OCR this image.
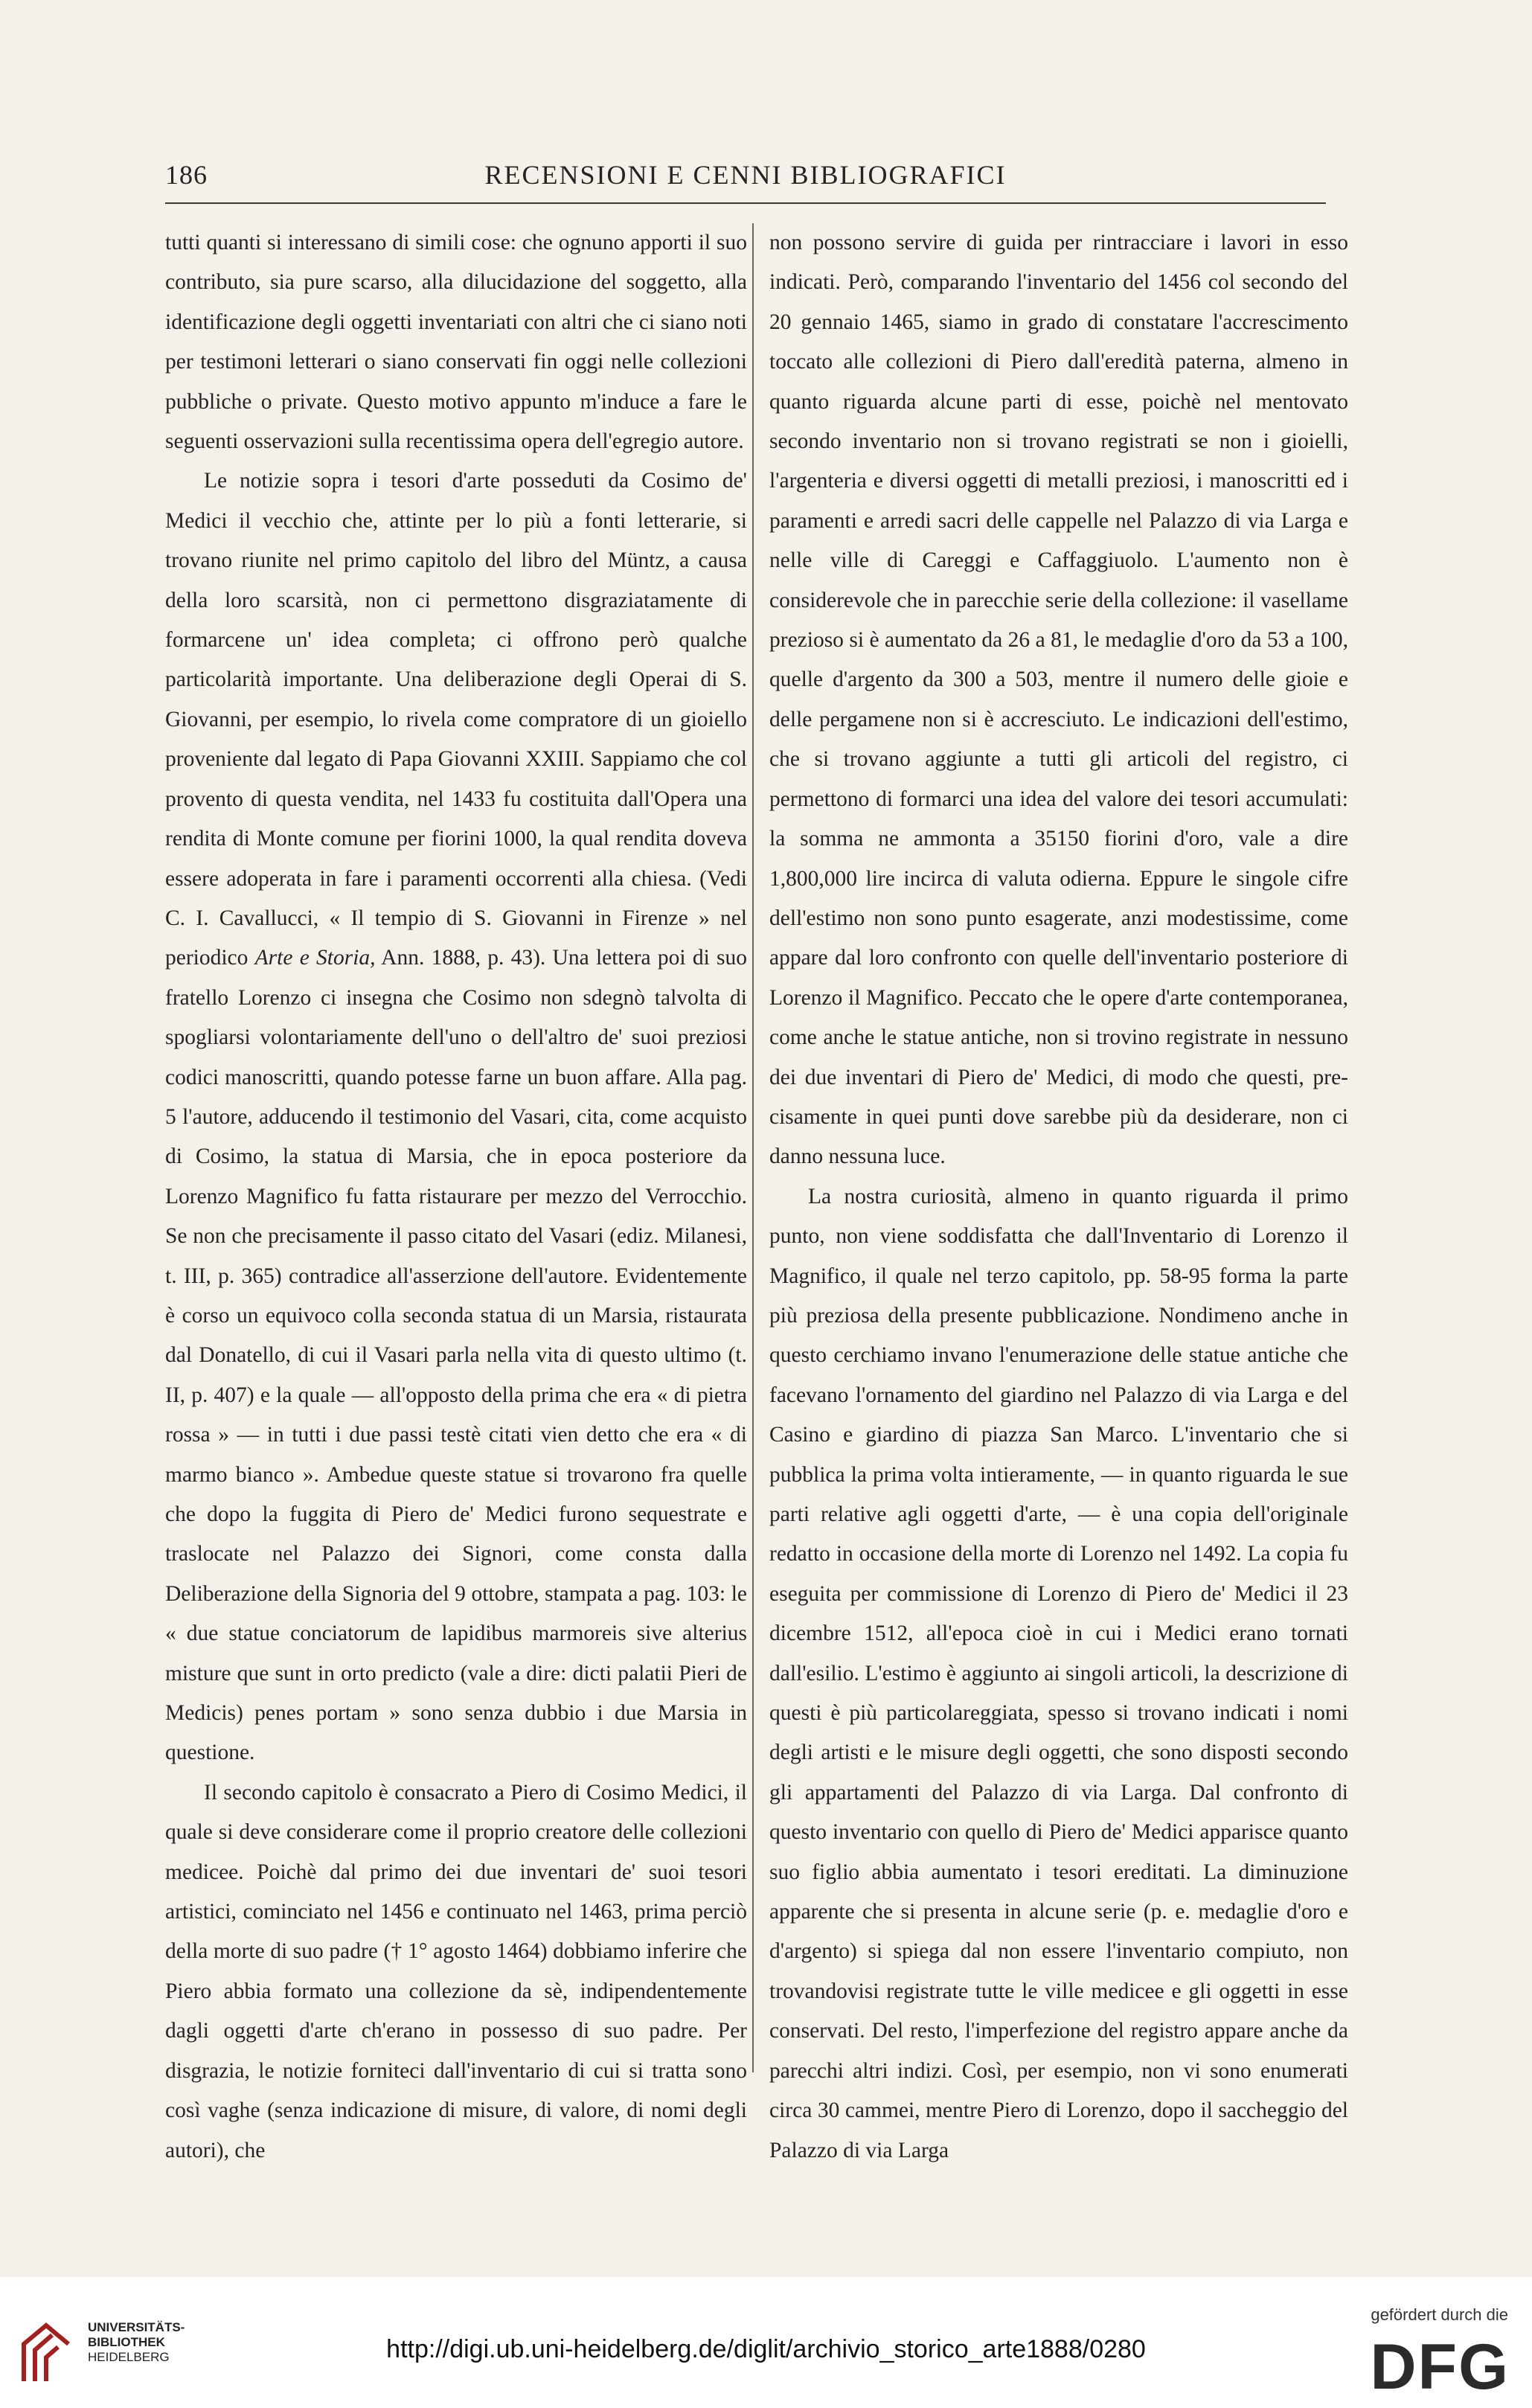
186	RECENSIONI E CENNI BIBLIOGRAFICI

tutti quanti si interessano di simili cose: che ognuno apporti il suo contributo, sia pure scarso, alla dilucidazione del soggetto, alla identificazione degli oggetti inventariati con altri che ci siano noti per testimoni letterari o siano conservati fin oggi nelle collezioni pubbliche o private. Questo motivo appunto m'induce a fare le seguenti osservazioni sulla recentissima opera dell'egregio autore.

Le notizie sopra i tesori d'arte posseduti da Cosimo de' Medici il vecchio che, attinte per lo più a fonti letterarie, si trovano riunite nel primo capitolo del libro del Müntz, a causa della loro scarsità, non ci permettono disgraziatamente di formarcene un' idea completa; ci offrono però qualche particolarità importante. Una deliberazione degli Operai di S. Giovanni, per esempio, lo rivela come compratore di un gioiello proveniente dal legato di Papa Giovanni XXIII. Sappiamo che col provento di questa vendita, nel 1433 fu costituita dall'Opera una rendita di Monte comune per fiorini 1000, la qual rendita doveva essere adoperata in fare i paramenti occorrenti alla chiesa. (Vedi C. I. Cavallucci, « Il tempio di S. Giovanni in Firenze » nel periodico Arte e Storia, Ann. 1888, p. 43). Una lettera poi di suo fratello Lorenzo ci insegna che Cosimo non sdegnò talvolta di spogliarsi volontariamente dell'uno o dell'altro de' suoi preziosi codici manoscritti, quando potesse farne un buon affare. Alla pag. 5 l'autore, adducendo il testimonio del Vasari, cita, come acquisto di Cosimo, la statua di Marsia, che in epoca posteriore da Lorenzo Magnifico fu fatta ristaurare per mezzo del Verrocchio. Se non che precisamente il passo citato del Vasari (ediz. Milanesi, t. III, p. 365) contradice all'asserzione dell'autore. Evidentemente è corso un equivoco colla seconda statua di un Marsia, ristaurata dal Donatello, di cui il Vasari parla nella vita di questo ultimo (t. II, p. 407) e la quale — all'opposto della prima che era « di pietra rossa » — in tutti i due passi testè citati vien detto che era « di marmo bianco ». Ambedue queste statue si trovarono fra quelle che dopo la fuggita di Piero de' Medici furono sequestrate e traslocate nel Palazzo dei Signori, come consta dalla Deliberazione della Signoria del 9 ottobre, stampata a pag. 103: le « due statue conciatorum de lapidibus marmoreis sive alterius misture que sunt in orto predicto (vale a dire: dicti palatii Pieri de Medicis) penes portam » sono senza dubbio i due Marsia in questione.

Il secondo capitolo è consacrato a Piero di Cosimo Medici, il quale si deve considerare come il proprio creatore delle collezioni medicee. Poichè dal primo dei due inventari de' suoi tesori artistici, cominciato nel 1456 e continuato nel 1463, prima perciò della morte di suo padre († 1° agosto 1464) dobbiamo inferire che Piero abbia formato una collezione da sè, indipendentemente dagli oggetti d'arte ch'erano in possesso di suo padre. Per disgrazia, le notizie forniteci dall'inventario di cui si tratta sono così vaghe (senza indicazione di misure, di valore, di nomi degli autori), che

non possono servire di guida per rintracciare i lavori in esso indicati. Però, comparando l'inventario del 1456 col secondo del 20 gennaio 1465, siamo in grado di constatare l'accrescimento toccato alle collezioni di Piero dall'eredità paterna, almeno in quanto riguarda alcune parti di esse, poichè nel mentovato secondo inventario non si trovano registrati se non i gioielli, l'argenteria e diversi oggetti di metalli preziosi, i manoscritti ed i paramenti e arredi sacri delle cappelle nel Palazzo di via Larga e nelle ville di Careggi e Caffaggiuolo. L'aumento non è considerevole che in parecchie serie della collezione: il vasellame prezioso si è aumentato da 26 a 81, le medaglie d'oro da 53 a 100, quelle d'argento da 300 a 503, mentre il numero delle gioie e delle pergamene non si è accresciuto. Le indicazioni dell'estimo, che si trovano aggiunte a tutti gli articoli del registro, ci permettono di formarci una idea del valore dei tesori accumulati: la somma ne ammonta a 35150 fiorini d'oro, vale a dire 1,800,000 lire incirca di valuta odierna. Eppure le singole cifre dell'estimo non sono punto esagerate, anzi modestissime, come appare dal loro confronto con quelle dell'inventario posteriore di Lorenzo il Magnifico. Peccato che le opere d'arte contemporanea, come anche le statue antiche, non si trovino registrate in nessuno dei due inventari di Piero de' Medici, di modo che questi, precisamente in quei punti dove sarebbe più da desiderare, non ci danno nessuna luce.

La nostra curiosità, almeno in quanto riguarda il primo punto, non viene soddisfatta che dall'Inventario di Lorenzo il Magnifico, il quale nel terzo capitolo, pp. 58-95 forma la parte più preziosa della presente pubblicazione. Nondimeno anche in questo cerchiamo invano l'enumerazione delle statue antiche che facevano l'ornamento del giardino nel Palazzo di via Larga e del Casino e giardino di piazza San Marco. L'inventario che si pubblica la prima volta intieramente, — in quanto riguarda le sue parti relative agli oggetti d'arte, — è una copia dell'originale redatto in occasione della morte di Lorenzo nel 1492. La copia fu eseguita per commissione di Lorenzo di Piero de' Medici il 23 dicembre 1512, all'epoca cioè in cui i Medici erano tornati dall'esilio. L'estimo è aggiunto ai singoli articoli, la descrizione di questi è più particolareggiata, spesso si trovano indicati i nomi degli artisti e le misure degli oggetti, che sono disposti secondo gli appartamenti del Palazzo di via Larga. Dal confronto di questo inventario con quello di Piero de' Medici apparisce quanto suo figlio abbia aumentato i tesori ereditati. La diminuzione apparente che si presenta in alcune serie (p. e. medaglie d'oro e d'argento) si spiega dal non essere l'inventario compiuto, non trovandovisi registrate tutte le ville medicee e gli oggetti in esse conservati. Del resto, l'imperfezione del registro appare anche da parecchi altri indizi. Così, per esempio, non vi sono enumerati circa 30 cammei, mentre Piero di Lorenzo, dopo il saccheggio del Palazzo di via Larga

UNIVERSITÄTS-
BIBLIOTHEK
HEIDELBERG	http://digi.ub.uni-heidelberg.de/diglit/archivio_storico_arte1888/0280
gefördert durch die
DFG
